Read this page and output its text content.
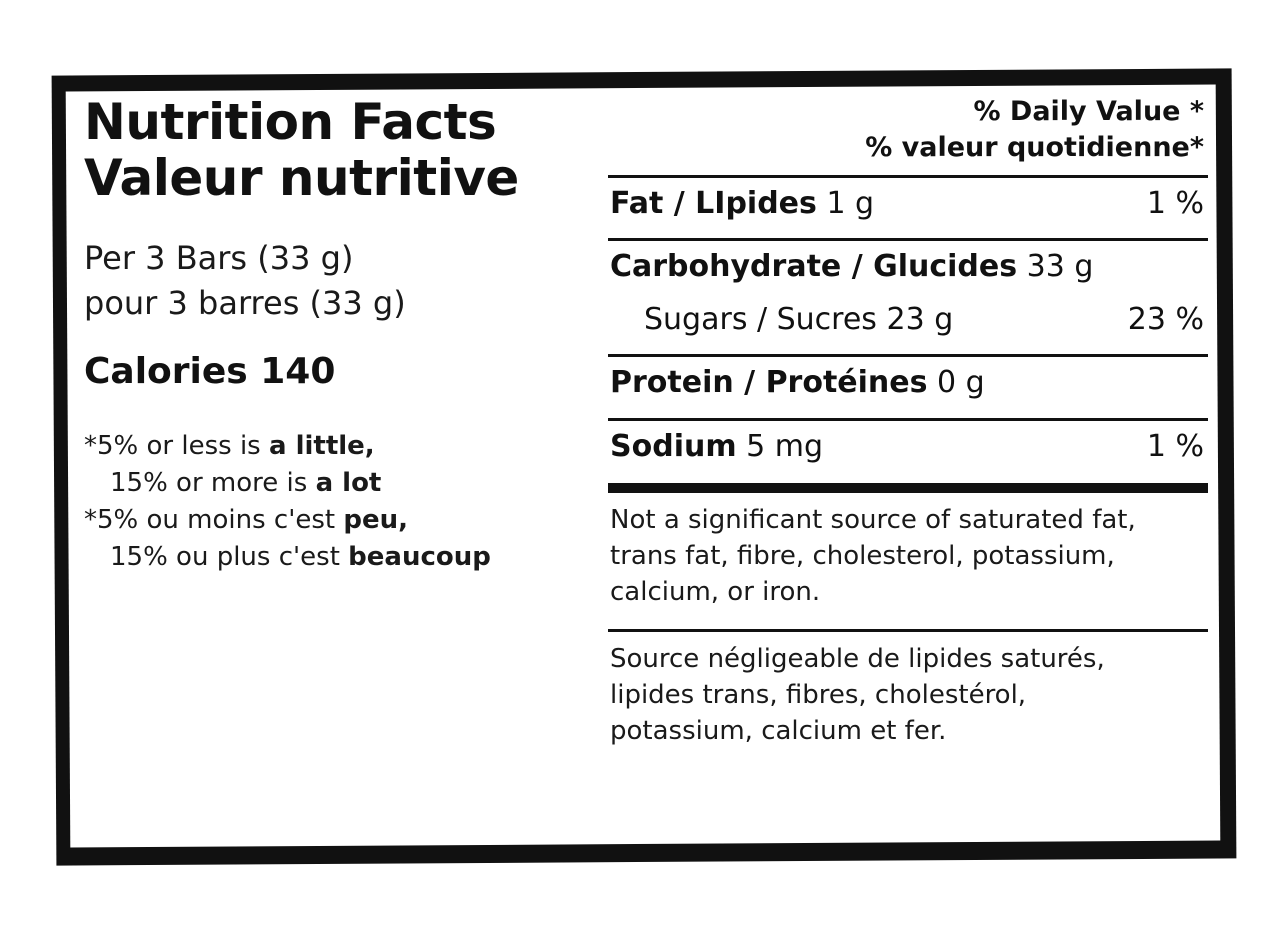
Nutrition Facts
Valeur nutritive
Per 3 Bars (33 g)
pour 3 barres (33 g)
Calories 140
*5% or less is a little,
15% or more is a lot
*5% ou moins c'est peu,
15% ou plus c'est beaucoup
% Daily Value *
% valeur quotidienne*
Fat / LIpides 1 g	1 %
Carbohydrate / Glucides 33 g
Sugars / Sucres 23 g	23 %
Protein / Protéines 0 g
Sodium 5 mg	1 %
Not a significant source of saturated fat,
trans fat, fibre, cholesterol, potassium,
calcium, or iron.
Source négligeable de lipides saturés,
lipides trans, fibres, cholestérol,
potassium, calcium et fer.
